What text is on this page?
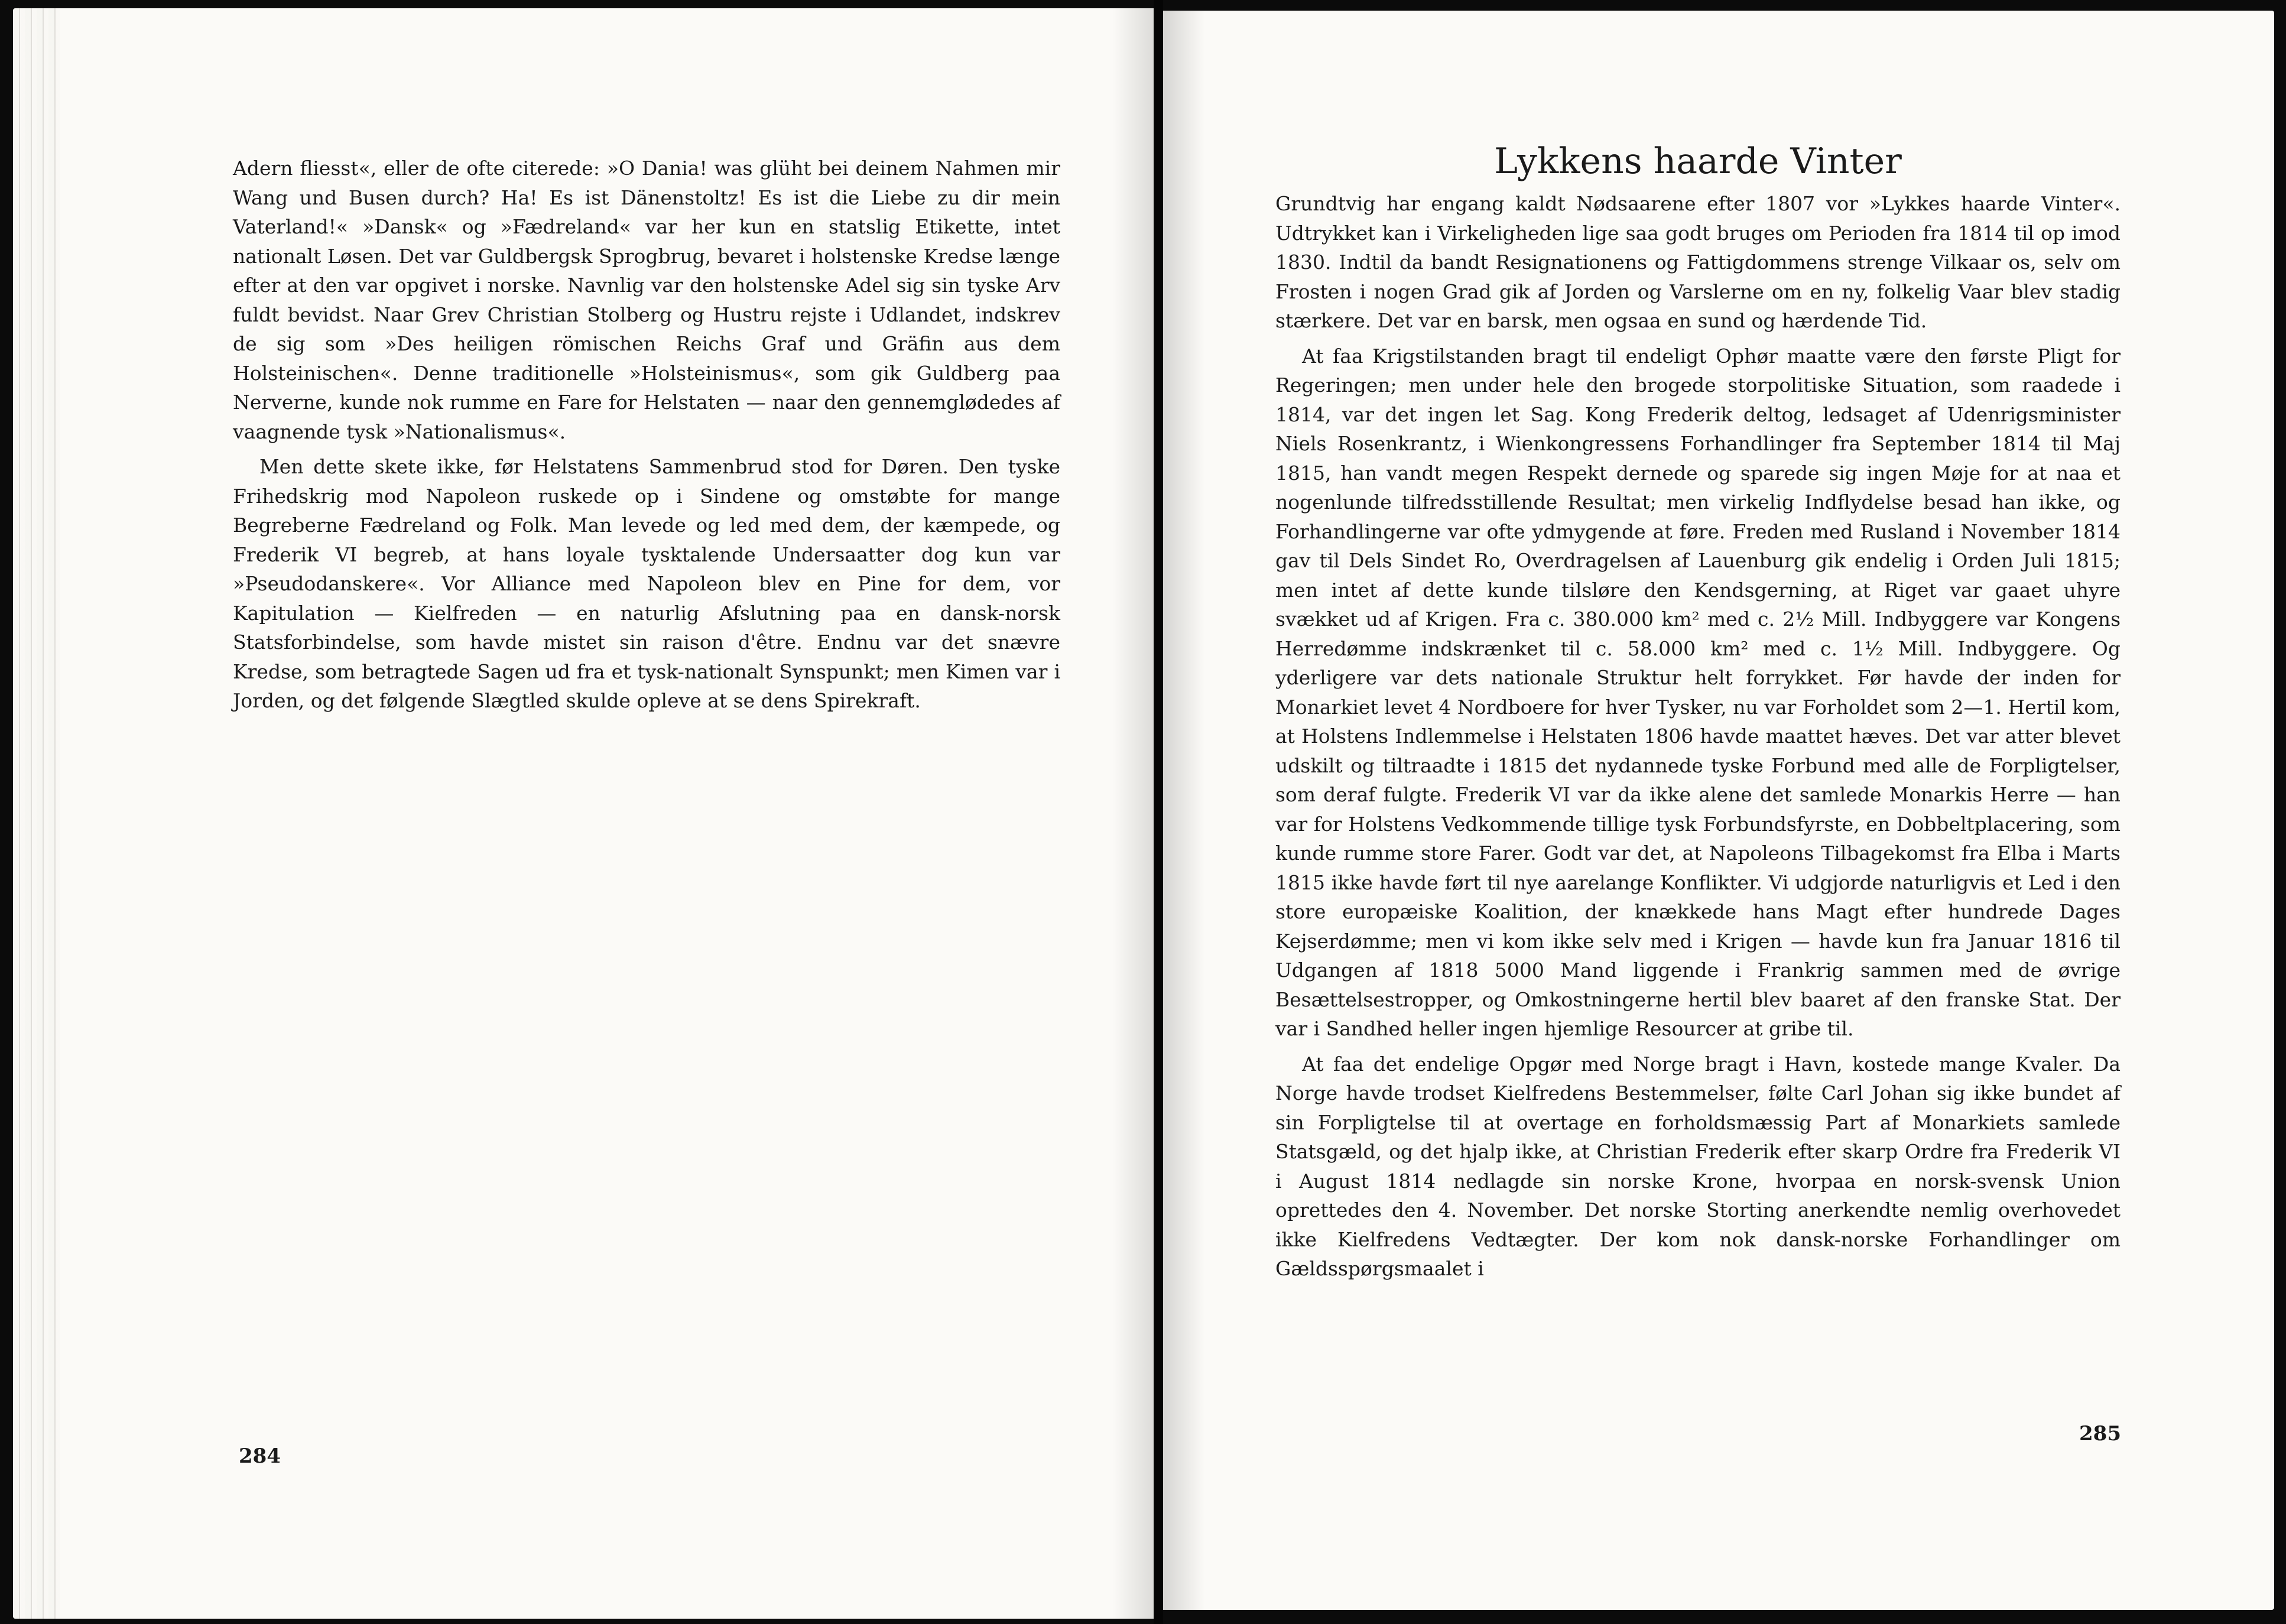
Adern fliesst«, eller de ofte citerede: »O Dania! was glüht bei deinem Nahmen mir Wang und Busen durch? Ha! Es ist Dänenstoltz! Es ist die Liebe zu dir mein Vaterland!« »Dansk« og »Fædreland« var her kun en statslig Etikette, intet nationalt Løsen. Det var Guldbergsk Sprogbrug, bevaret i holstenske Kredse længe efter at den var opgivet i norske. Navnlig var den holstenske Adel sig sin tyske Arv fuldt bevidst. Naar Grev Christian Stolberg og Hustru rejste i Udlandet, indskrev de sig som »Des heiligen römischen Reichs Graf und Gräfin aus dem Holsteinischen«. Denne traditionelle »Holsteinismus«, som gik Guldberg paa Nerverne, kunde nok rumme en Fare for Helstaten — naar den gennemglødedes af vaagnende tysk »Nationalismus«.

Men dette skete ikke, før Helstatens Sammenbrud stod for Døren. Den tyske Frihedskrig mod Napoleon ruskede op i Sindene og omstøbte for mange Begreberne Fædreland og Folk. Man levede og led med dem, der kæmpede, og Frederik VI begreb, at hans loyale tysktalende Undersaatter dog kun var »Pseudodanskere«. Vor Alliance med Napoleon blev en Pine for dem, vor Kapitulation — Kielfreden — en naturlig Afslutning paa en dansk-norsk Statsforbindelse, som havde mistet sin raison d'être. Endnu var det snævre Kredse, som betragtede Sagen ud fra et tysk-nationalt Synspunkt; men Kimen var i Jorden, og det følgende Slægtled skulde opleve at se dens Spirekraft.

284
Lykkens haarde Vinter

Grundtvig har engang kaldt Nødsaarene efter 1807 vor »Lykkes haarde Vinter«. Udtrykket kan i Virkeligheden lige saa godt bruges om Perioden fra 1814 til op imod 1830. Indtil da bandt Resignationens og Fattigdommens strenge Vilkaar os, selv om Frosten i nogen Grad gik af Jorden og Varslerne om en ny, folkelig Vaar blev stadig stærkere. Det var en barsk, men ogsaa en sund og hærdende Tid.

At faa Krigstilstanden bragt til endeligt Ophør maatte være den første Pligt for Regeringen; men under hele den brogede storpolitiske Situation, som raadede i 1814, var det ingen let Sag. Kong Frederik deltog, ledsaget af Udenrigsminister Niels Rosenkrantz, i Wienkongressens Forhandlinger fra September 1814 til Maj 1815, han vandt megen Respekt dernede og sparede sig ingen Møje for at naa et nogenlunde tilfredsstillende Resultat; men virkelig Indflydelse besad han ikke, og Forhandlingerne var ofte ydmygende at føre. Freden med Rusland i November 1814 gav til Dels Sindet Ro, Overdragelsen af Lauenburg gik endelig i Orden Juli 1815; men intet af dette kunde tilsløre den Kendsgerning, at Riget var gaaet uhyre svækket ud af Krigen. Fra c. 380.000 km² med c. 2½ Mill. Indbyggere var Kongens Herredømme indskrænket til c. 58.000 km² med c. 1½ Mill. Indbyggere. Og yderligere var dets nationale Struktur helt forrykket. Før havde der inden for Monarkiet levet 4 Nordboere for hver Tysker, nu var Forholdet som 2—1. Hertil kom, at Holstens Indlemmelse i Helstaten 1806 havde maattet hæves. Det var atter blevet udskilt og tiltraadte i 1815 det nydannede tyske Forbund med alle de Forpligtelser, som deraf fulgte. Frederik VI var da ikke alene det samlede Monarkis Herre — han var for Holstens Vedkommende tillige tysk Forbundsfyrste, en Dobbeltplacering, som kunde rumme store Farer. Godt var det, at Napoleons Tilbagekomst fra Elba i Marts 1815 ikke havde ført til nye aarelange Konflikter. Vi udgjorde naturligvis et Led i den store europæiske Koalition, der knækkede hans Magt efter hundrede Dages Kejserdømme; men vi kom ikke selv med i Krigen — havde kun fra Januar 1816 til Udgangen af 1818 5000 Mand liggende i Frankrig sammen med de øvrige Besættelsestropper, og Omkostningerne hertil blev baaret af den franske Stat. Der var i Sandhed heller ingen hjemlige Resourcer at gribe til.

At faa det endelige Opgør med Norge bragt i Havn, kostede mange Kvaler. Da Norge havde trodset Kielfredens Bestemmelser, følte Carl Johan sig ikke bundet af sin Forpligtelse til at overtage en forholdsmæssig Part af Monarkiets samlede Statsgæld, og det hjalp ikke, at Christian Frederik efter skarp Ordre fra Frederik VI i August 1814 nedlagde sin norske Krone, hvorpaa en norsk-svensk Union oprettedes den 4. November. Det norske Storting anerkendte nemlig overhovedet ikke Kielfredens Vedtægter. Der kom nok dansk-norske Forhandlinger om Gældsspørgsmaalet i

285
